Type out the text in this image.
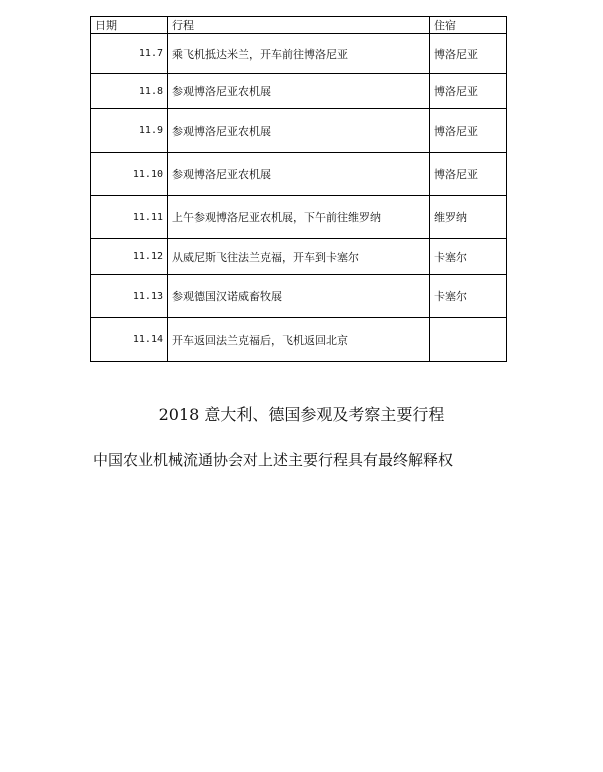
日期	行程	住宿
11.7	乘飞机抵达米兰，开车前往博洛尼亚	博洛尼亚
11.8	参观博洛尼亚农机展	博洛尼亚
11.9	参观博洛尼亚农机展	博洛尼亚
11.10	参观博洛尼亚农机展	博洛尼亚
11.11	上午参观博洛尼亚农机展，下午前往维罗纳	维罗纳
11.12	从威尼斯飞往法兰克福，开车到卡塞尔	卡塞尔
11.13	参观德国汉诺威畜牧展	卡塞尔
11.14	开车返回法兰克福后，飞机返回北京	
2018 意大利、德国参观及考察主要行程
中国农业机械流通协会对上述主要行程具有最终解释权
